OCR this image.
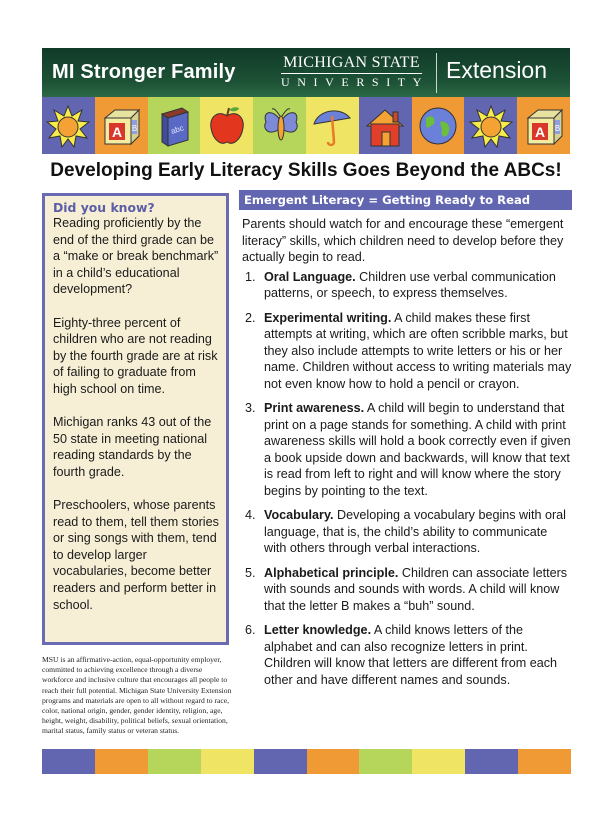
MI Stronger Family	MICHIGAN STATE
UNIVERSITY Extension
A B	abc	A B
Developing Early Literacy Skills Goes Beyond the ABCs!
Did you know?

Reading proficiently by the end of the third grade can be a “make or break benchmark” in a child’s educational development?

Eighty-three percent of children who are not reading by the fourth grade are at risk of failing to graduate from high school on time.

Michigan ranks 43 out of the 50 state in meeting national reading standards by the fourth grade.

Preschoolers, whose parents read to them, tell them stories or sing songs with them, tend to develop larger vocabularies, become better readers and perform better in school.

MSU is an affirmative-action, equal-opportunity employer, committed to achieving excellence through a diverse workforce and inclusive culture that encourages all people to reach their full potential. Michigan State University Extension programs and materials are open to all without regard to race, color, national origin, gender, gender identity, religion, age, height, weight, disability, political beliefs, sexual orientation, marital status, family status or veteran status.
Emergent Literacy = Getting Ready to Read
Parents should watch for and encourage these “emergent literacy” skills, which children need to develop before they actually begin to read.
1. Oral Language. Children use verbal communication patterns, or speech, to express themselves.
2. Experimental writing. A child makes these first attempts at writing, which are often scribble marks, but they also include attempts to write letters or his or her name. Children without access to writing materials may not even know how to hold a pencil or crayon.
3. Print awareness. A child will begin to understand that print on a page stands for something. A child with print awareness skills will hold a book correctly even if given a book upside down and backwards, will know that text is read from left to right and will know where the story begins by pointing to the text.
4. Vocabulary. Developing a vocabulary begins with oral language, that is, the child’s ability to communicate with others through verbal interactions.
5. Alphabetical principle. Children can associate letters with sounds and sounds with words. A child will know that the letter B makes a “buh” sound.
6. Letter knowledge. A child knows letters of the alphabet and can also recognize letters in print. Children will know that letters are different from each other and have different names and sounds.
